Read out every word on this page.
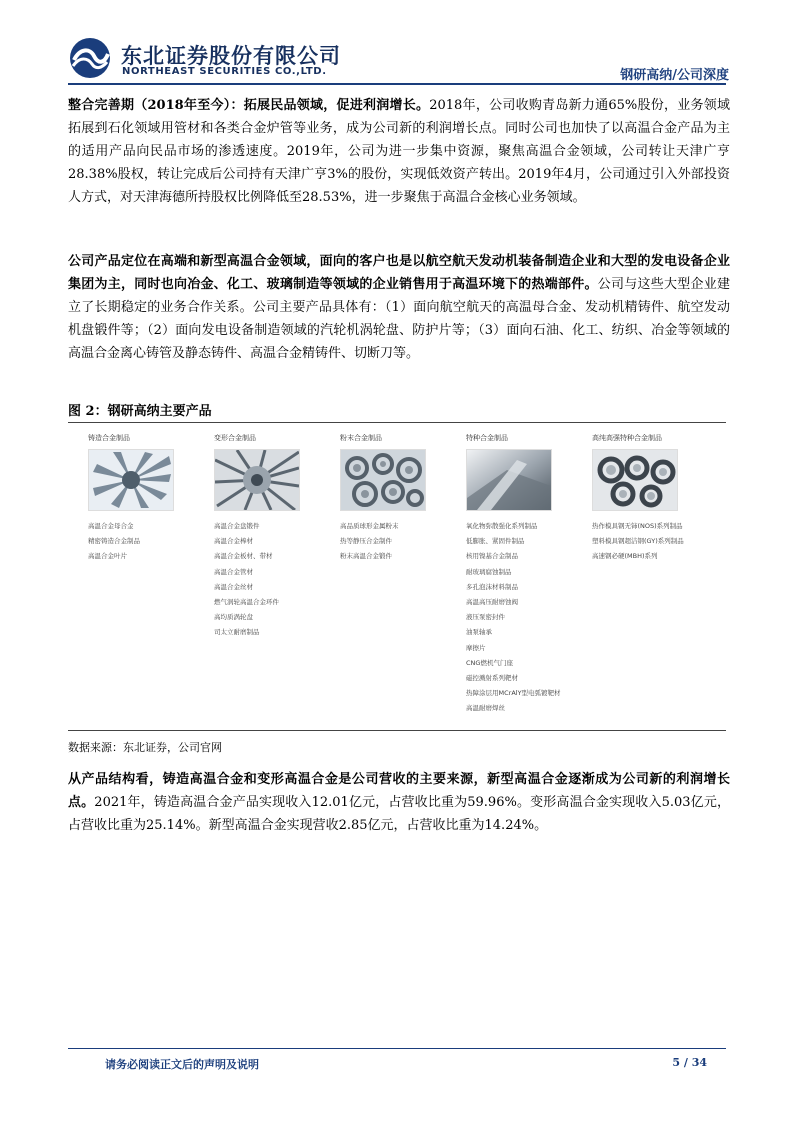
东北证券股份有限公司
NORTHEAST SECURITIES CO.,LTD.	钢研高纳/公司深度
整合完善期（2018年至今）：拓展民品领域，促进利润增长。2018年，公司收购青岛新力通65%股份，业务领域拓展到石化领域用管材和各类合金炉管等业务，成为公司新的利润增长点。同时公司也加快了以高温合金产品为主的适用产品向民品市场的渗透速度。2019年，公司为进一步集中资源，聚焦高温合金领域，公司转让天津广亨28.38%股权，转让完成后公司持有天津广亨3%的股份，实现低效资产转出。2019年4月，公司通过引入外部投资人方式，对天津海德所持股权比例降低至28.53%，进一步聚焦于高温合金核心业务领域。
公司产品定位在高端和新型高温合金领域，面向的客户也是以航空航天发动机装备制造企业和大型的发电设备企业集团为主，同时也向冶金、化工、玻璃制造等领域的企业销售用于高温环境下的热端部件。公司与这些大型企业建立了长期稳定的业务合作关系。公司主要产品具体有：（1）面向航空航天的高温母合金、发动机精铸件、航空发动机盘锻件等；（2）面向发电设备制造领域的汽轮机涡轮盘、防护片等；（3）面向石油、化工、纺织、冶金等领域的高温合金离心铸管及静态铸件、高温合金精铸件、切断刀等。
图 2：钢研高纳主要产品
铸造合金制品
高温合金母合金
精密铸造合金制品
高温合金叶片
变形合金制品
高温合金盘锻件
高温合金棒材
高温合金板材、带材
高温合金管材
高温合金丝材
燃气涡轮高温合金环件
高均质涡轮盘
司太立耐磨制品
粉末合金制品
高品质球形金属粉末
热等静压合金制件
粉末高温合金锻件
特种合金制品
氧化物弥散强化系列制品
低膨胀、紧固件制品
核用镍基合金制品
耐玻璃腐蚀制品
多孔泡沫材料制品
高温高压耐磨蚀阀
液压泵密封件
油泵轴承
摩擦片
CNG燃机气门座
磁控溅射系列靶材
热障涂层用MCrAlY型电弧镀靶材
高温耐磨焊丝
高纯高强特种合金制品
热作模具钢无铈(NOS)系列制品
塑料模具钢超洁钢(GY)系列制品
高速钢必硬(MBH)系列
数据来源：东北证券，公司官网
从产品结构看，铸造高温合金和变形高温合金是公司营收的主要来源，新型高温合金逐渐成为公司新的利润增长点。2021年，铸造高温合金产品实现收入12.01亿元，占营收比重为59.96%。变形高温合金实现收入5.03亿元，占营收比重为25.14%。新型高温合金实现营收2.85亿元，占营收比重为14.24%。
请务必阅读正文后的声明及说明	5 / 34
